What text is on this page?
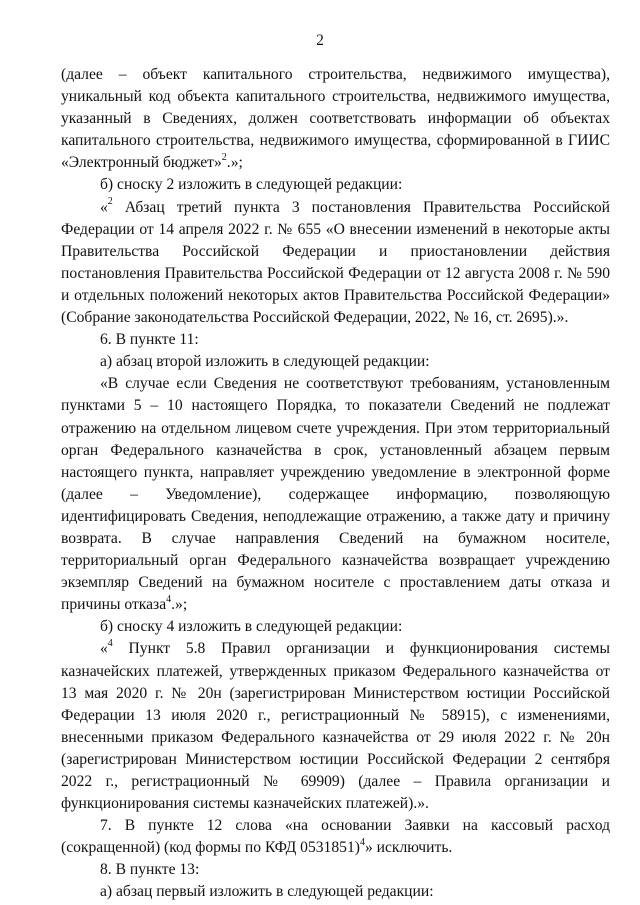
2

(далее – объект капитального строительства, недвижимого имущества), уникальный код объекта капитального строительства, недвижимого имущества, указанный в Сведениях, должен соответствовать информации об объектах капитального строительства, недвижимого имущества, сформированной в ГИИС «Электронный бюджет»$^2$.»;

б) сноску 2 изложить в следующей редакции:

«$^2$ Абзац третий пункта 3 постановления Правительства Российской Федерации от 14 апреля 2022 г. № 655 «О внесении изменений в некоторые акты Правительства Российской Федерации и приостановлении действия постановления Правительства Российской Федерации от 12 августа 2008 г. № 590 и отдельных положений некоторых актов Правительства Российской Федерации» (Собрание законодательства Российской Федерации, 2022, № 16, ст. 2695).».

6. В пункте 11:

а) абзац второй изложить в следующей редакции:

«В случае если Сведения не соответствуют требованиям, установленным пунктами 5 – 10 настоящего Порядка, то показатели Сведений не подлежат отражению на отдельном лицевом счете учреждения. При этом территориальный орган Федерального казначейства в срок, установленный абзацем первым настоящего пункта, направляет учреждению уведомление в электронной форме (далее – Уведомление), содержащее информацию, позволяющую идентифицировать Сведения, неподлежащие отражению, а также дату и причину возврата. В случае направления Сведений на бумажном носителе, территориальный орган Федерального казначейства возвращает учреждению экземпляр Сведений на бумажном носителе с проставлением даты отказа и причины отказа$^4$.»;

б) сноску 4 изложить в следующей редакции:

«$^4$ Пункт 5.8 Правил организации и функционирования системы казначейских платежей, утвержденных приказом Федерального казначейства от 13 мая 2020 г. № 20н (зарегистрирован Министерством юстиции Российской Федерации 13 июля 2020 г., регистрационный № 58915), с изменениями, внесенными приказом Федерального казначейства от 29 июля 2022 г. № 20н (зарегистрирован Министерством юстиции Российской Федерации 2 сентября 2022 г., регистрационный № 69909) (далее – Правила организации и функционирования системы казначейских платежей).».

7. В пункте 12 слова «на основании Заявки на кассовый расход (сокращенной) (код формы по КФД 0531851)$^4$» исключить.

8. В пункте 13:

а) абзац первый изложить в следующей редакции:
